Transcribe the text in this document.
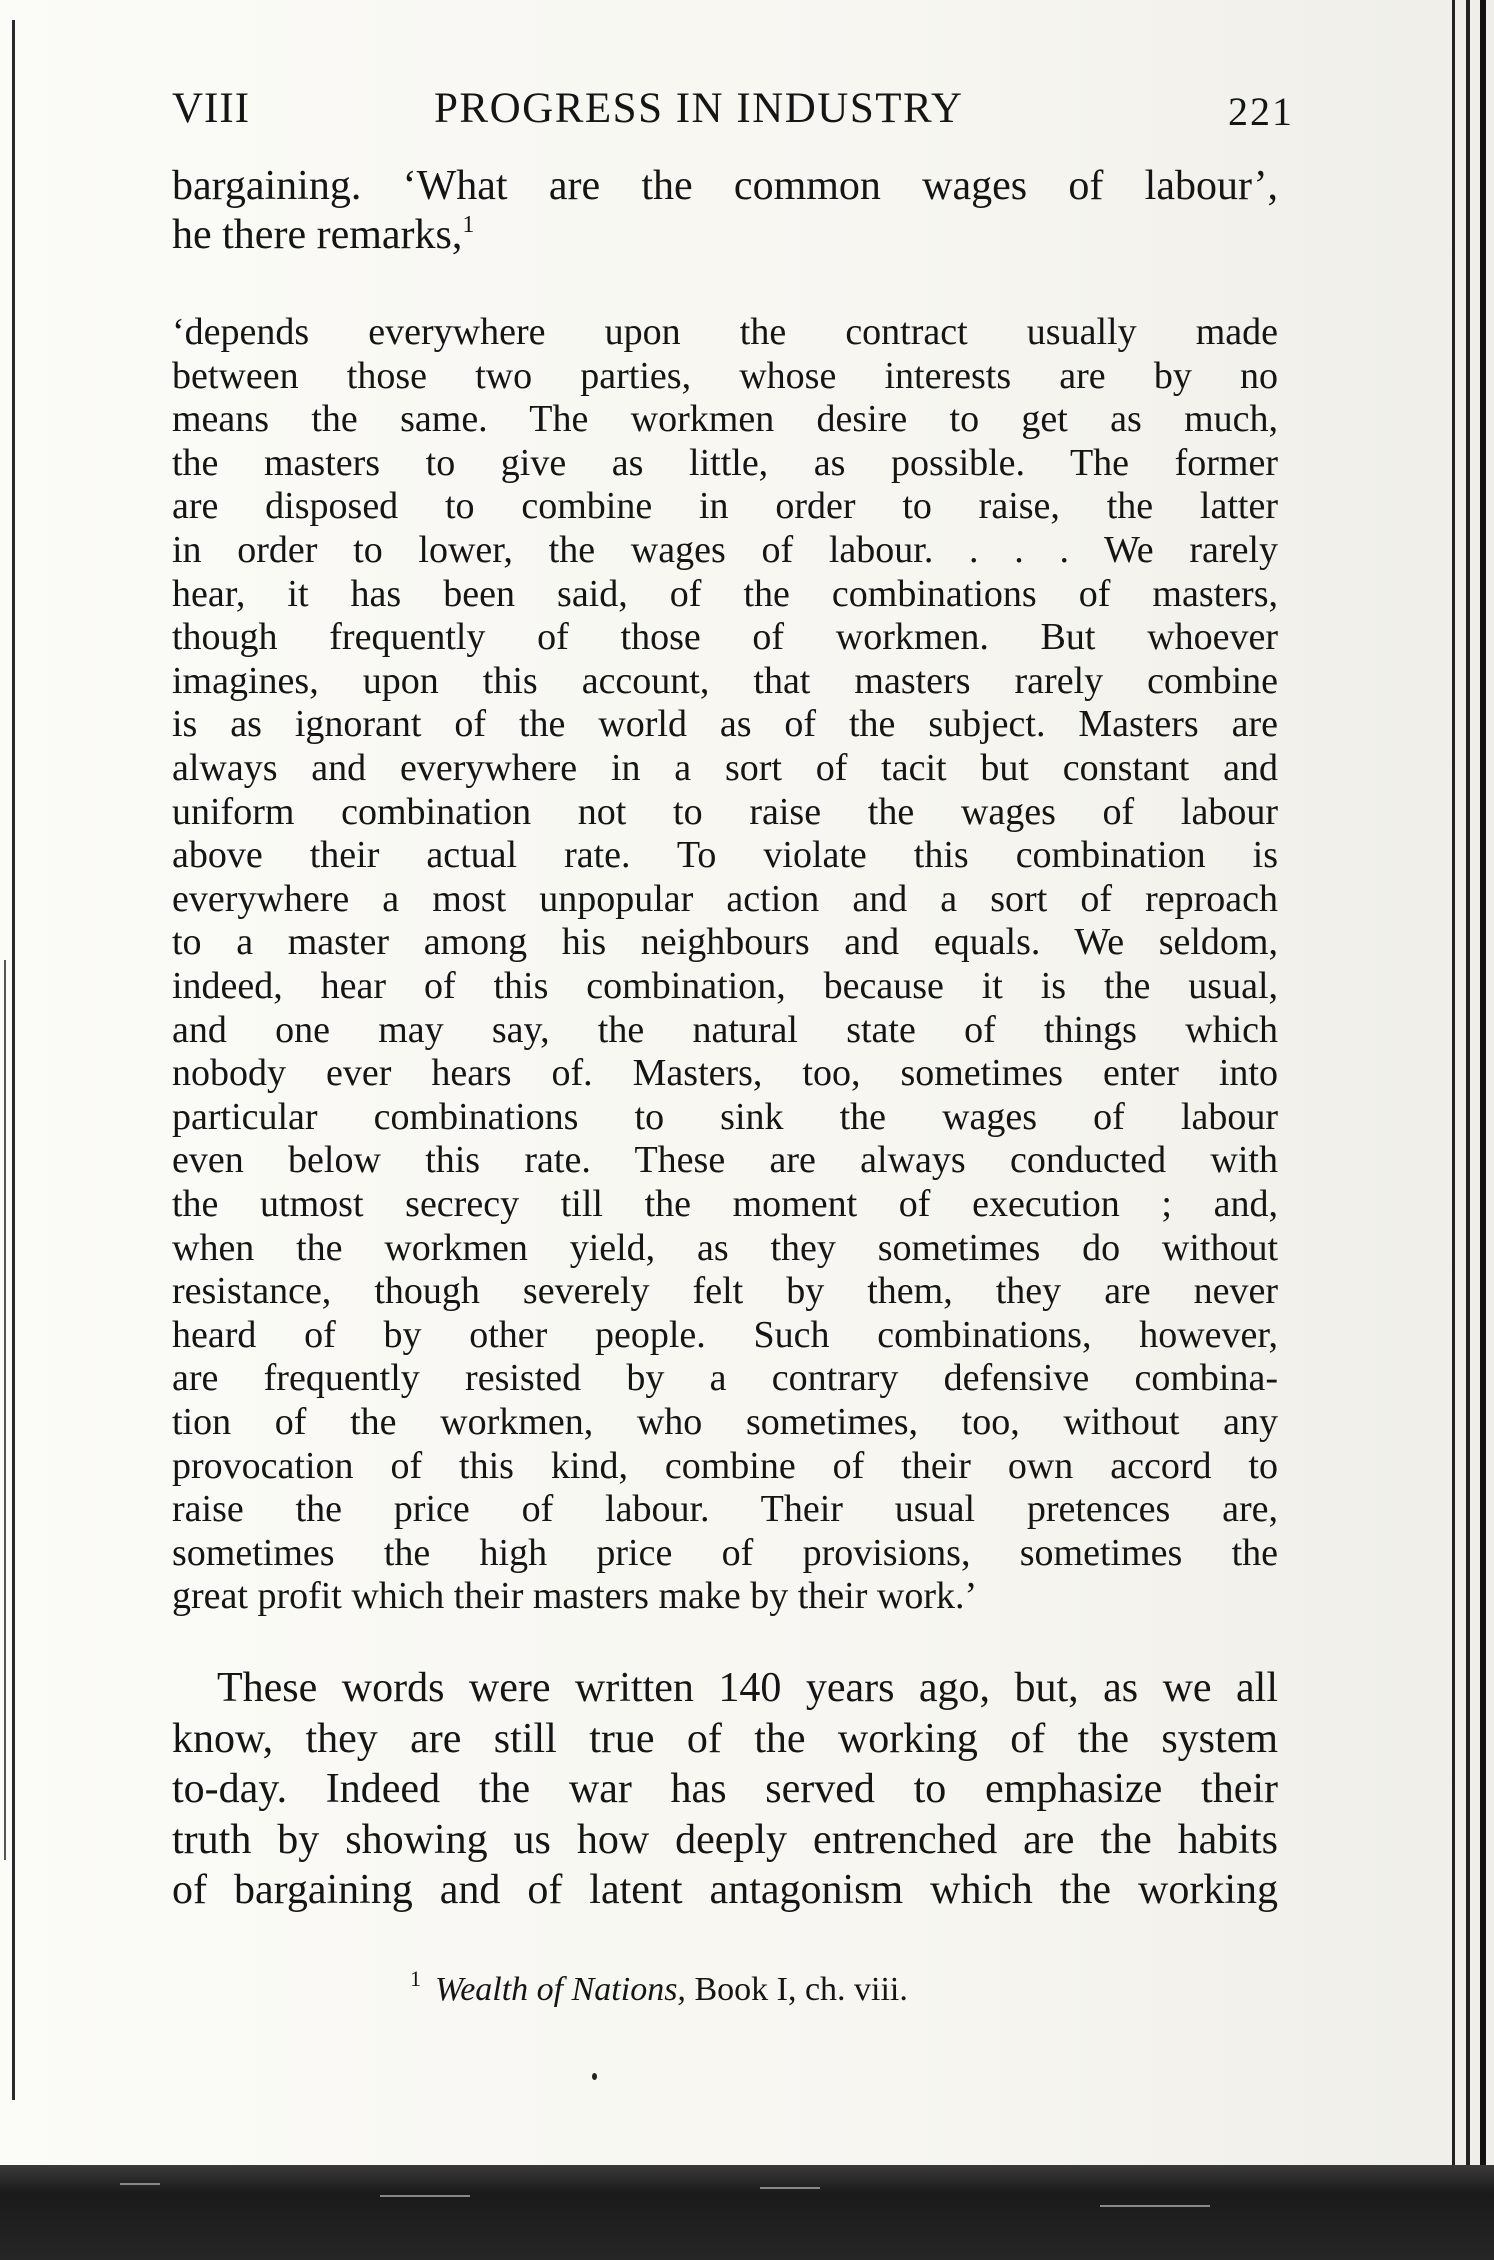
VIII	PROGRESS IN INDUSTRY	221
bargaining. ‘What are the common wages of labour’,
he there remarks,$^1$
‘depends everywhere upon the contract usually made
between those two parties, whose interests are by no
means the same. The workmen desire to get as much,
the masters to give as little, as possible. The former
are disposed to combine in order to raise, the latter
in order to lower, the wages of labour. . . . We rarely
hear, it has been said, of the combinations of masters,
though frequently of those of workmen. But whoever
imagines, upon this account, that masters rarely combine
is as ignorant of the world as of the subject. Masters are
always and everywhere in a sort of tacit but constant and
uniform combination not to raise the wages of labour
above their actual rate. To violate this combination is
everywhere a most unpopular action and a sort of reproach
to a master among his neighbours and equals. We seldom,
indeed, hear of this combination, because it is the usual,
and one may say, the natural state of things which
nobody ever hears of. Masters, too, sometimes enter into
particular combinations to sink the wages of labour
even below this rate. These are always conducted with
the utmost secrecy till the moment of execution ; and,
when the workmen yield, as they sometimes do without
resistance, though severely felt by them, they are never
heard of by other people. Such combinations, however,
are frequently resisted by a contrary defensive combina-
tion of the workmen, who sometimes, too, without any
provocation of this kind, combine of their own accord to
raise the price of labour. Their usual pretences are,
sometimes the high price of provisions, sometimes the
great profit which their masters make by their work.’
These words were written 140 years ago, but, as we all
know, they are still true of the working of the system
to-day. Indeed the war has served to emphasize their
truth by showing us how deeply entrenched are the habits
of bargaining and of latent antagonism which the working
$^1$ Wealth of Nations, Book I, ch. viii.
